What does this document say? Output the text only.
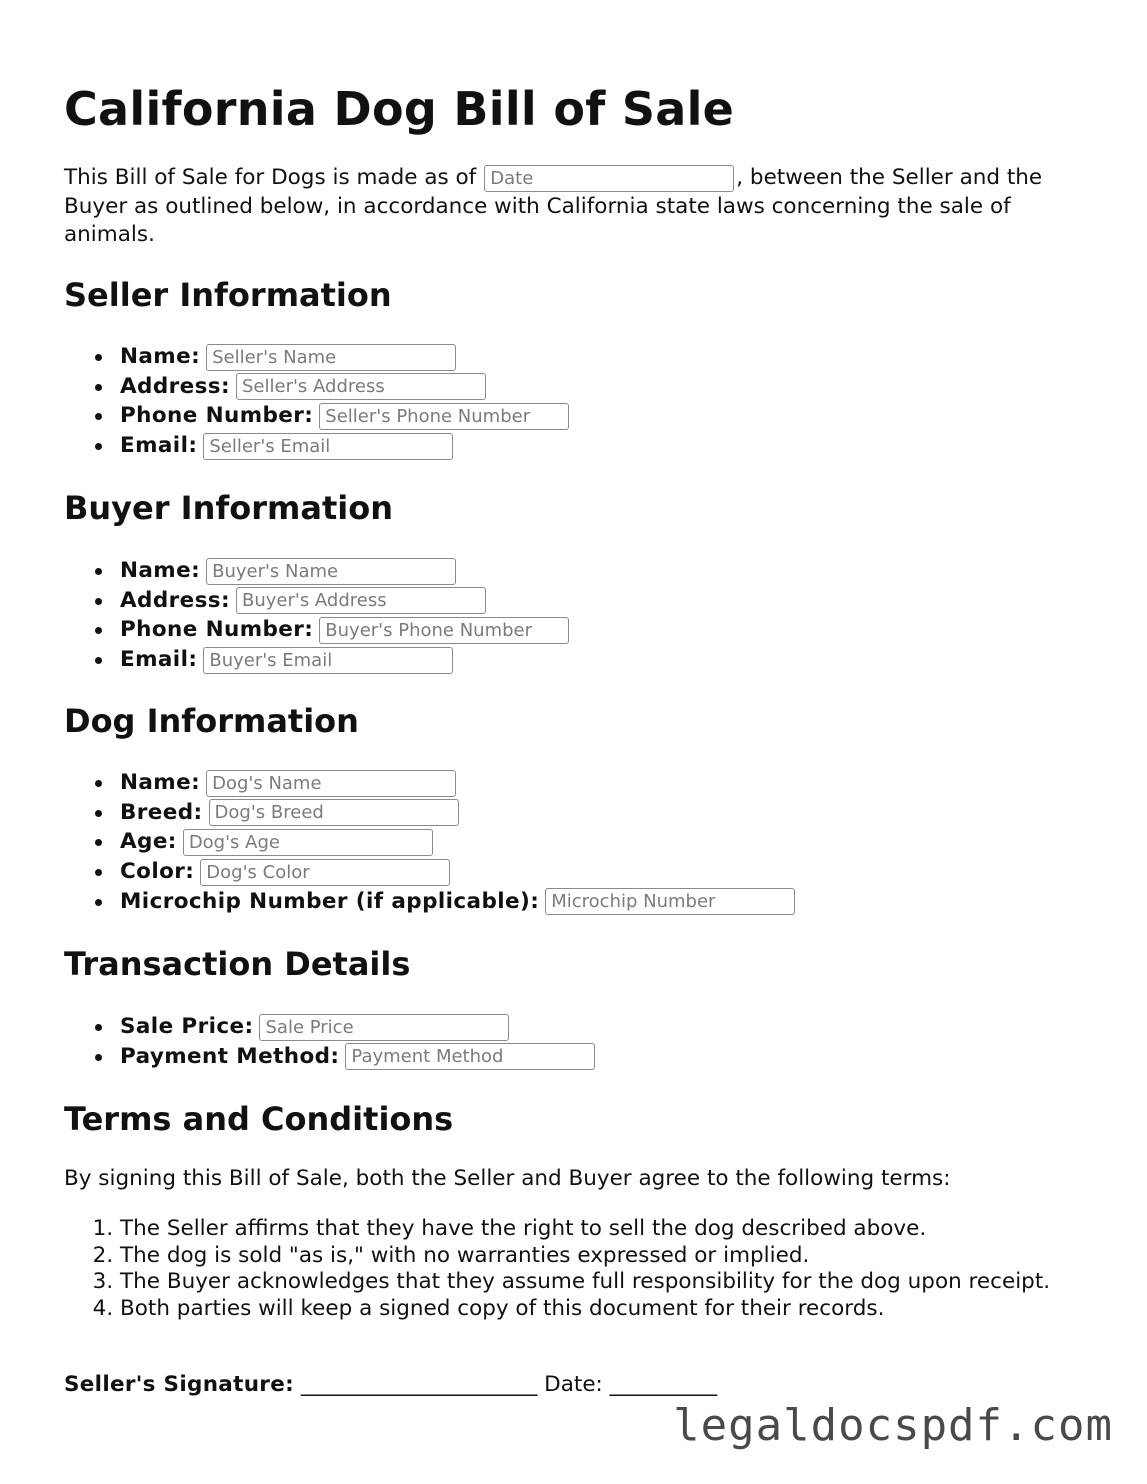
California Dog Bill of Sale

This Bill of Sale for Dogs is made as ofDate	, between the Seller and the Buyer as outlined below, in accordance with California state laws concerning the sale of animals.

Seller Information
Name:Seller's Name
Address:Seller's Address
Phone Number:Seller's Phone Number
Email:Seller's Email
Buyer Information
Name:Buyer's Name
Address:Buyer's Address
Phone Number:Buyer's Phone Number
Email:Buyer's Email
Dog Information
Name:Dog's Name
Breed:Dog's Breed
Age:Dog's Age
Color:Dog's Color
Microchip Number (if applicable):Microchip Number
Transaction Details
Sale Price:Sale Price
Payment Method:Payment Method
Terms and Conditions

By signing this Bill of Sale, both the Seller and Buyer agree to the following terms:

1. The Seller affirms that they have the right to sell the dog described above.
2. The dog is sold "as is," with no warranties expressed or implied.
3. The Buyer acknowledges that they assume full responsibility for the dog upon receipt.
4. Both parties will keep a signed copy of this document for their records.
Seller's Signature: ______________________ Date: __________
legaldocspdf.com
